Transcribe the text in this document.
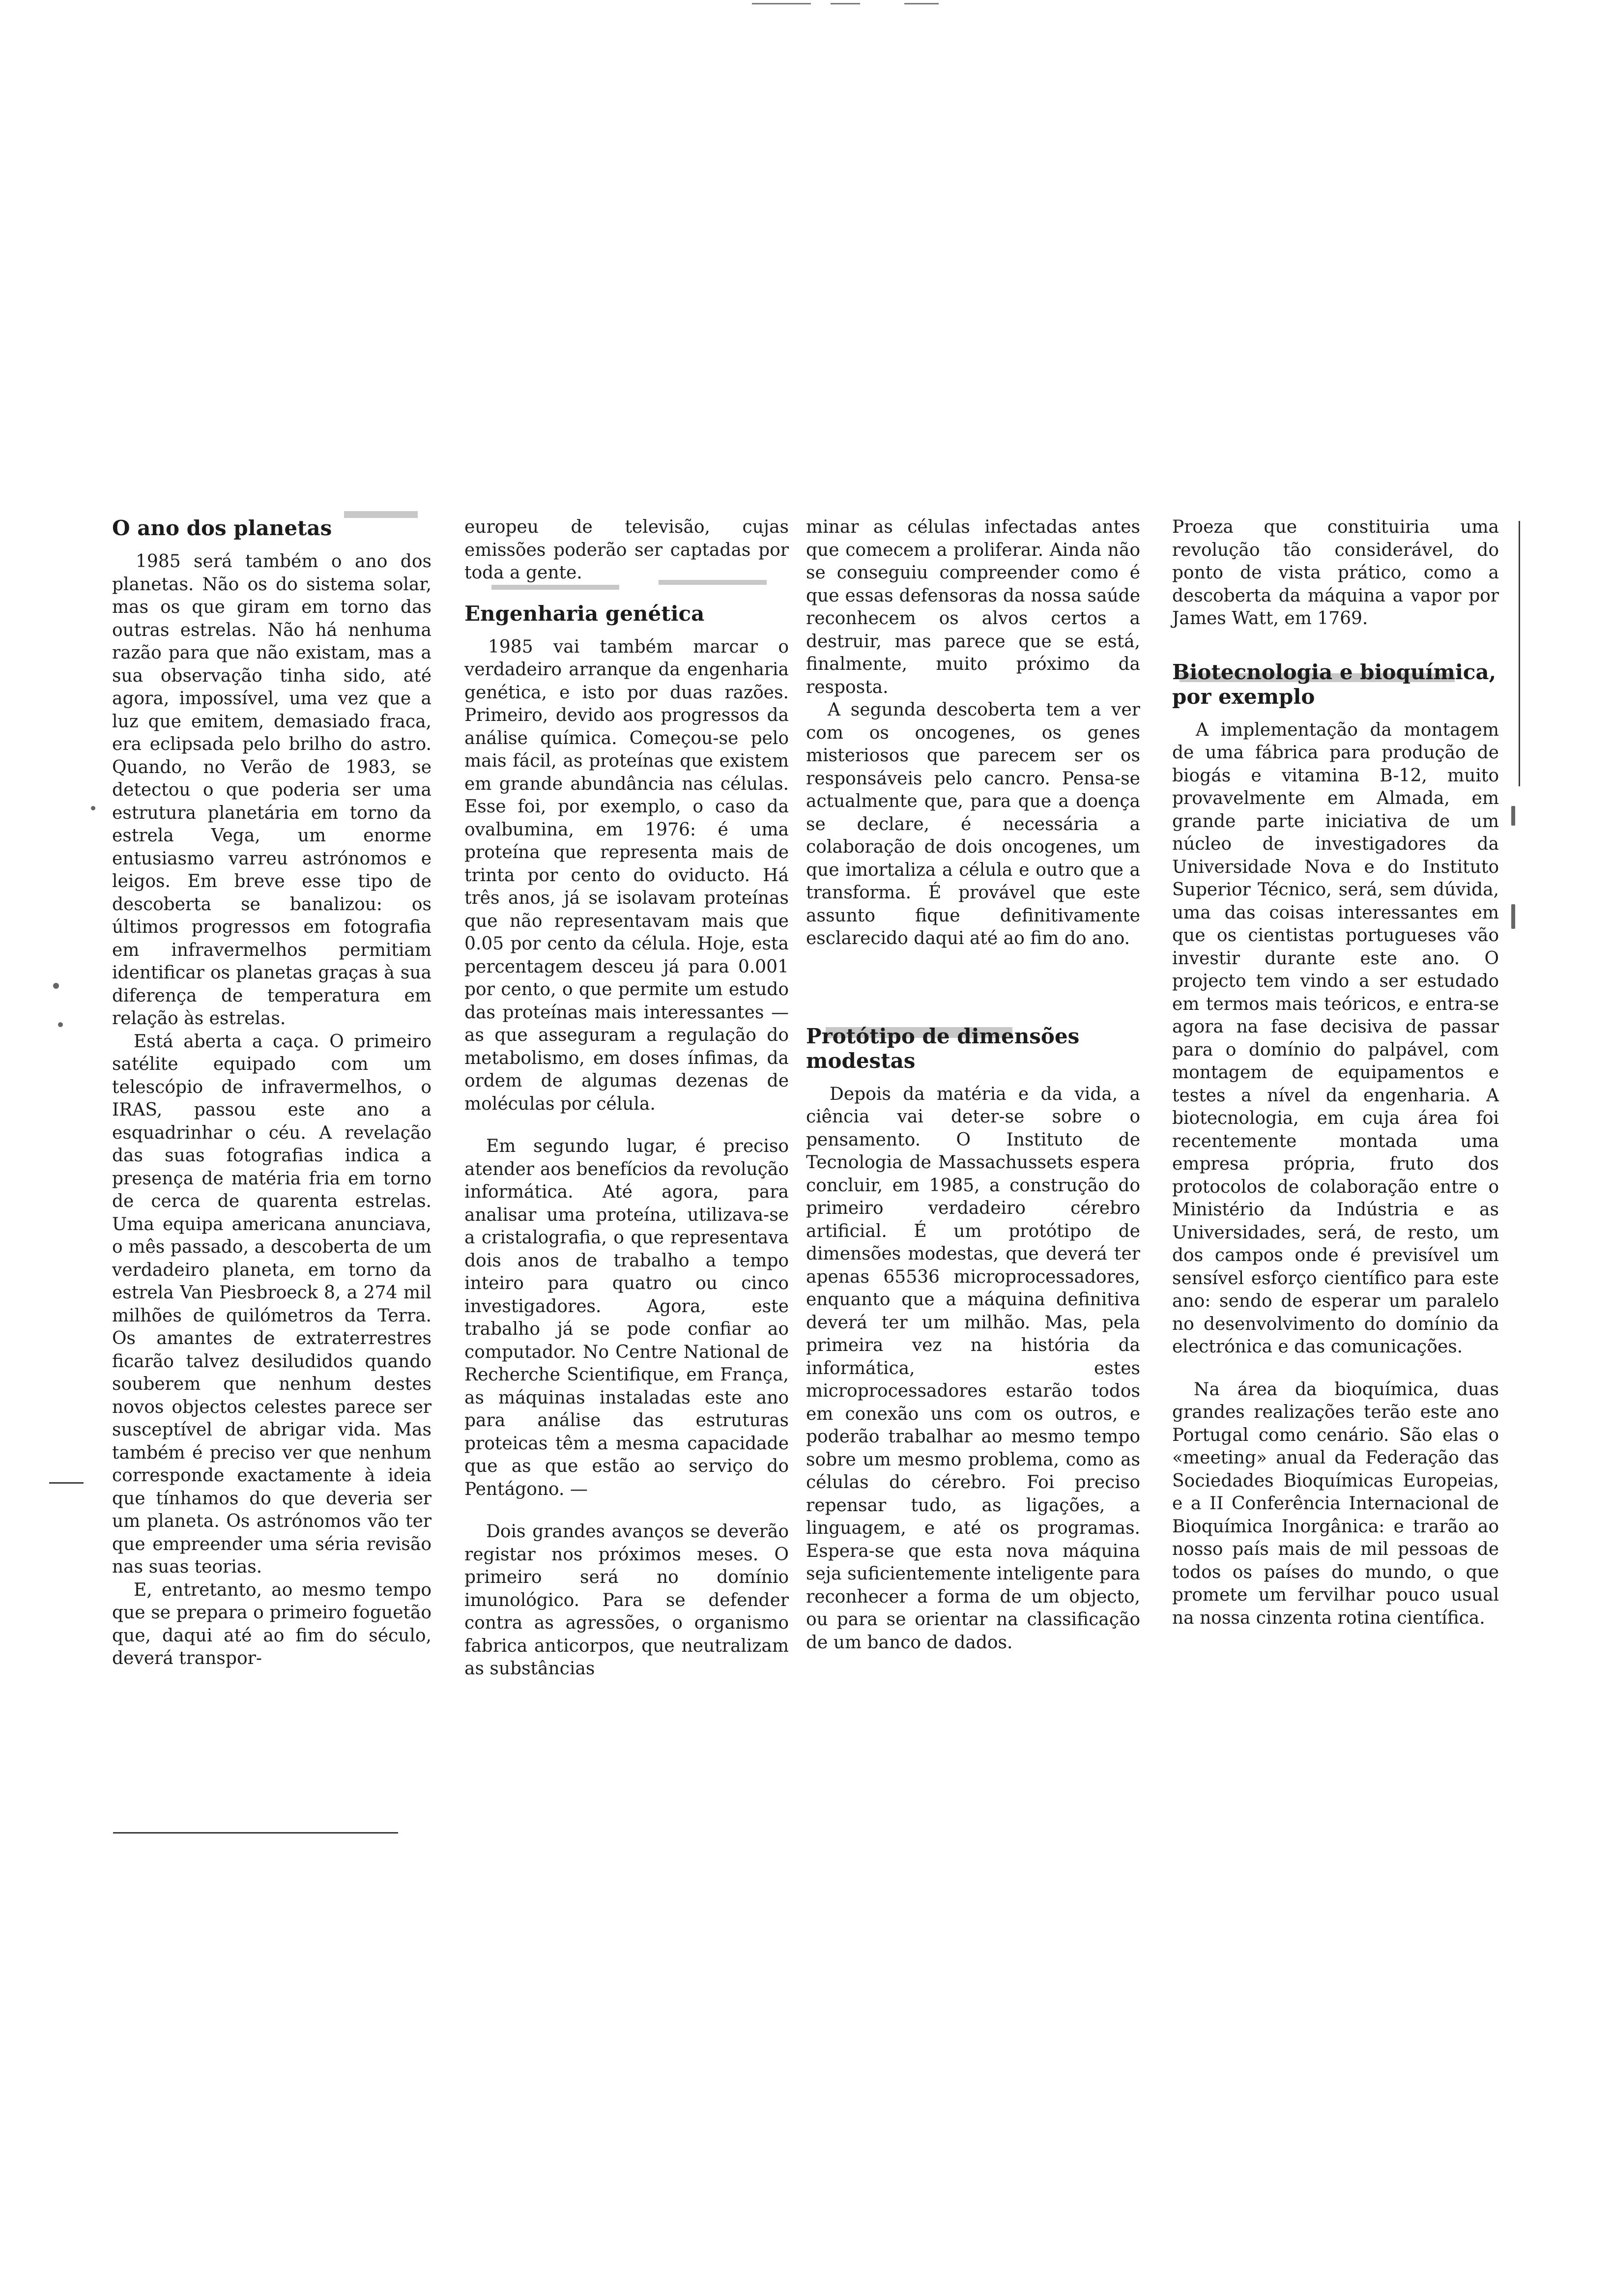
O ano dos planetas

1985 será também o ano dos planetas. Não os do sistema solar, mas os que giram em torno das outras estrelas. Não há nenhuma razão para que não existam, mas a sua observação tinha sido, até agora, impossível, uma vez que a luz que emitem, demasiado fraca, era eclipsada pelo brilho do astro. Quando, no Verão de 1983, se detectou o que poderia ser uma estrutura planetária em torno da estrela Vega, um enorme entusiasmo varreu astrónomos e leigos. Em breve esse tipo de descoberta se banalizou: os últimos progressos em fotografia em infravermelhos permitiam identificar os planetas graças à sua diferença de temperatura em relação às estrelas.

Está aberta a caça. O primeiro satélite equipado com um telescópio de infravermelhos, o IRAS, passou este ano a esquadrinhar o céu. A revelação das suas fotografias indica a presença de matéria fria em torno de cerca de quarenta estrelas. Uma equipa americana anunciava, o mês passado, a descoberta de um verdadeiro planeta, em torno da estrela Van Piesbroeck 8, a 274 mil milhões de quilómetros da Terra. Os amantes de extraterrestres ficarão talvez desiludidos quando souberem que nenhum destes novos objectos celestes parece ser susceptível de abrigar vida. Mas também é preciso ver que nenhum corresponde exactamente à ideia que tínhamos do que deveria ser um planeta. Os astrónomos vão ter que empreender uma séria revisão nas suas teorias.

E, entretanto, ao mesmo tempo que se prepara o primeiro foguetão que, daqui até ao fim do século, deverá transpor-

europeu de televisão, cujas emissões poderão ser captadas por toda a gente.

Engenharia genética

1985 vai também marcar o verdadeiro arranque da engenharia genética, e isto por duas razões. Primeiro, devido aos progressos da análise química. Começou-se pelo mais fácil, as proteínas que existem em grande abundância nas células. Esse foi, por exemplo, o caso da ovalbumina, em 1976: é uma proteína que representa mais de trinta por cento do oviducto. Há três anos, já se isolavam proteínas que não representavam mais que 0.05 por cento da célula. Hoje, esta percentagem desceu já para 0.001 por cento, o que permite um estudo das proteínas mais interessantes — as que asseguram a regulação do metabolismo, em doses ínfimas, da ordem de algumas dezenas de moléculas por célula.

Em segundo lugar, é preciso atender aos benefícios da revolução informática. Até agora, para analisar uma proteína, utilizava-se a cristalografia, o que representava dois anos de trabalho a tempo inteiro para quatro ou cinco investigadores. Agora, este trabalho já se pode confiar ao computador. No Centre National de Recherche Scientifique, em França, as máquinas instaladas este ano para análise das estruturas proteicas têm a mesma capacidade que as que estão ao serviço do Pentágono. —

Dois grandes avanços se deverão registar nos próximos meses. O primeiro será no domínio imunológico. Para se defender contra as agressões, o organismo fabrica anticorpos, que neutralizam as substâncias

minar as células infectadas antes que comecem a proliferar. Ainda não se conseguiu compreender como é que essas defensoras da nossa saúde reconhecem os alvos certos a destruir, mas parece que se está, finalmente, muito próximo da resposta.

A segunda descoberta tem a ver com os oncogenes, os genes misteriosos que parecem ser os responsáveis pelo cancro. Pensa-se actualmente que, para que a doença se declare, é necessária a colaboração de dois oncogenes, um que imortaliza a célula e outro que a transforma. É provável que este assunto fique definitivamente esclarecido daqui até ao fim do ano.

Protótipo de dimensões modestas

Depois da matéria e da vida, a ciência vai deter-se sobre o pensamento. O Instituto de Tecnologia de Massachussets espera concluir, em 1985, a construção do primeiro verdadeiro cérebro artificial. É um protótipo de dimensões modestas, que deverá ter apenas 65536 microprocessadores, enquanto que a máquina definitiva deverá ter um milhão. Mas, pela primeira vez na história da informática, estes microprocessadores estarão todos em conexão uns com os outros, e poderão trabalhar ao mesmo tempo sobre um mesmo problema, como as células do cérebro. Foi preciso repensar tudo, as ligações, a linguagem, e até os programas. Espera-se que esta nova máquina seja suficientemente inteligente para reconhecer a forma de um objecto, ou para se orientar na classificação de um banco de dados.

Proeza que constituiria uma revolução tão considerável, do ponto de vista prático, como a descoberta da máquina a vapor por James Watt, em 1769.

Biotecnologia e bioquímica, por exemplo

A implementação da montagem de uma fábrica para produção de biogás e vitamina B-12, muito provavelmente em Almada, em grande parte iniciativa de um núcleo de investigadores da Universidade Nova e do Instituto Superior Técnico, será, sem dúvida, uma das coisas interessantes em que os cientistas portugueses vão investir durante este ano. O projecto tem vindo a ser estudado em termos mais teóricos, e entra-se agora na fase decisiva de passar para o domínio do palpável, com montagem de equipamentos e testes a nível da engenharia. A biotecnologia, em cuja área foi recentemente montada uma empresa própria, fruto dos protocolos de colaboração entre o Ministério da Indústria e as Universidades, será, de resto, um dos campos onde é previsível um sensível esforço científico para este ano: sendo de esperar um paralelo no desenvolvimento do domínio da electrónica e das comunicações.

Na área da bioquímica, duas grandes realizações terão este ano Portugal como cenário. São elas o «meeting» anual da Federação das Sociedades Bioquímicas Europeias, e a II Conferência Internacional de Bioquímica Inorgânica: e trarão ao nosso país mais de mil pessoas de todos os países do mundo, o que promete um fervilhar pouco usual na nossa cinzenta rotina científica.
